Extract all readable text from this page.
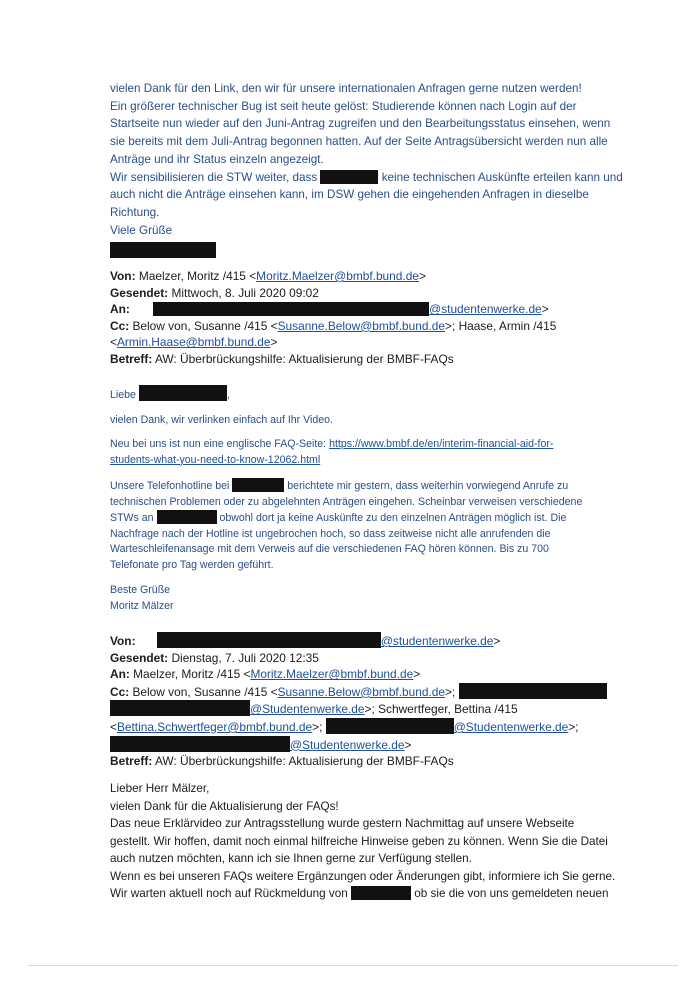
vielen Dank für den Link, den wir für unsere internationalen Anfragen gerne nutzen werden!
Ein größerer technischer Bug ist seit heute gelöst: Studierende können nach Login auf der
Startseite nun wieder auf den Juni-Antrag zugreifen und den Bearbeitungsstatus einsehen, wenn
sie bereits mit dem Juli-Antrag begonnen hatten. Auf der Seite Antragsübersicht werden nun alle
Anträge und ihr Status einzeln angezeigt.
Wir sensibilisieren die STW weiter, dass	keine technischen Auskünfte erteilen kann und
auch nicht die Anträge einsehen kann, im DSW gehen die eingehenden Anfragen in dieselbe
Richtung.
Viele Grüße
Von: Maelzer, Moritz /415 <Moritz.Maelzer@bmbf.bund.de>
Gesendet: Mittwoch, 8. Juli 2020 09:02
An:	@studentenwerke.de>
Cc: Below von, Susanne /415 <Susanne.Below@bmbf.bund.de>; Haase, Armin /415
<Armin.Haase@bmbf.bund.de>
Betreff: AW: Überbrückungshilfe: Aktualisierung der BMBF-FAQs
Liebe	,
vielen Dank, wir verlinken einfach auf Ihr Video.
Neu bei uns ist nun eine englische FAQ-Seite: https://www.bmbf.de/en/interim-financial-aid-for-
students-what-you-need-to-know-12062.html
Unsere Telefonhotline bei	berichtete mir gestern, dass weiterhin vorwiegend Anrufe zu
technischen Problemen oder zu abgelehnten Anträgen eingehen. Scheinbar verweisen verschiedene
STWs an	obwohl dort ja keine Auskünfte zu den einzelnen Anträgen möglich ist. Die
Nachfrage nach der Hotline ist ungebrochen hoch, so dass zeitweise nicht alle anrufenden die
Warteschleifenansage mit dem Verweis auf die verschiedenen FAQ hören können. Bis zu 700
Telefonate pro Tag werden geführt.
Beste Grüße
Moritz Mälzer
Von:	@studentenwerke.de>
Gesendet: Dienstag, 7. Juli 2020 12:35
An: Maelzer, Moritz /415 <Moritz.Maelzer@bmbf.bund.de>
Cc: Below von, Susanne /415 <Susanne.Below@bmbf.bund.de>;
@Studentenwerke.de>; Schwertfeger, Bettina /415
<Bettina.Schwertfeger@bmbf.bund.de>;	@Studentenwerke.de>;
@Studentenwerke.de>
Betreff: AW: Überbrückungshilfe: Aktualisierung der BMBF-FAQs
Lieber Herr Mälzer,
vielen Dank für die Aktualisierung der FAQs!
Das neue Erklärvideo zur Antragsstellung wurde gestern Nachmittag auf unsere Webseite
gestellt. Wir hoffen, damit noch einmal hilfreiche Hinweise geben zu können. Wenn Sie die Datei
auch nutzen möchten, kann ich sie Ihnen gerne zur Verfügung stellen.
Wenn es bei unseren FAQs weitere Ergänzungen oder Änderungen gibt, informiere ich Sie gerne.
Wir warten aktuell noch auf Rückmeldung von	ob sie die von uns gemeldeten neuen
